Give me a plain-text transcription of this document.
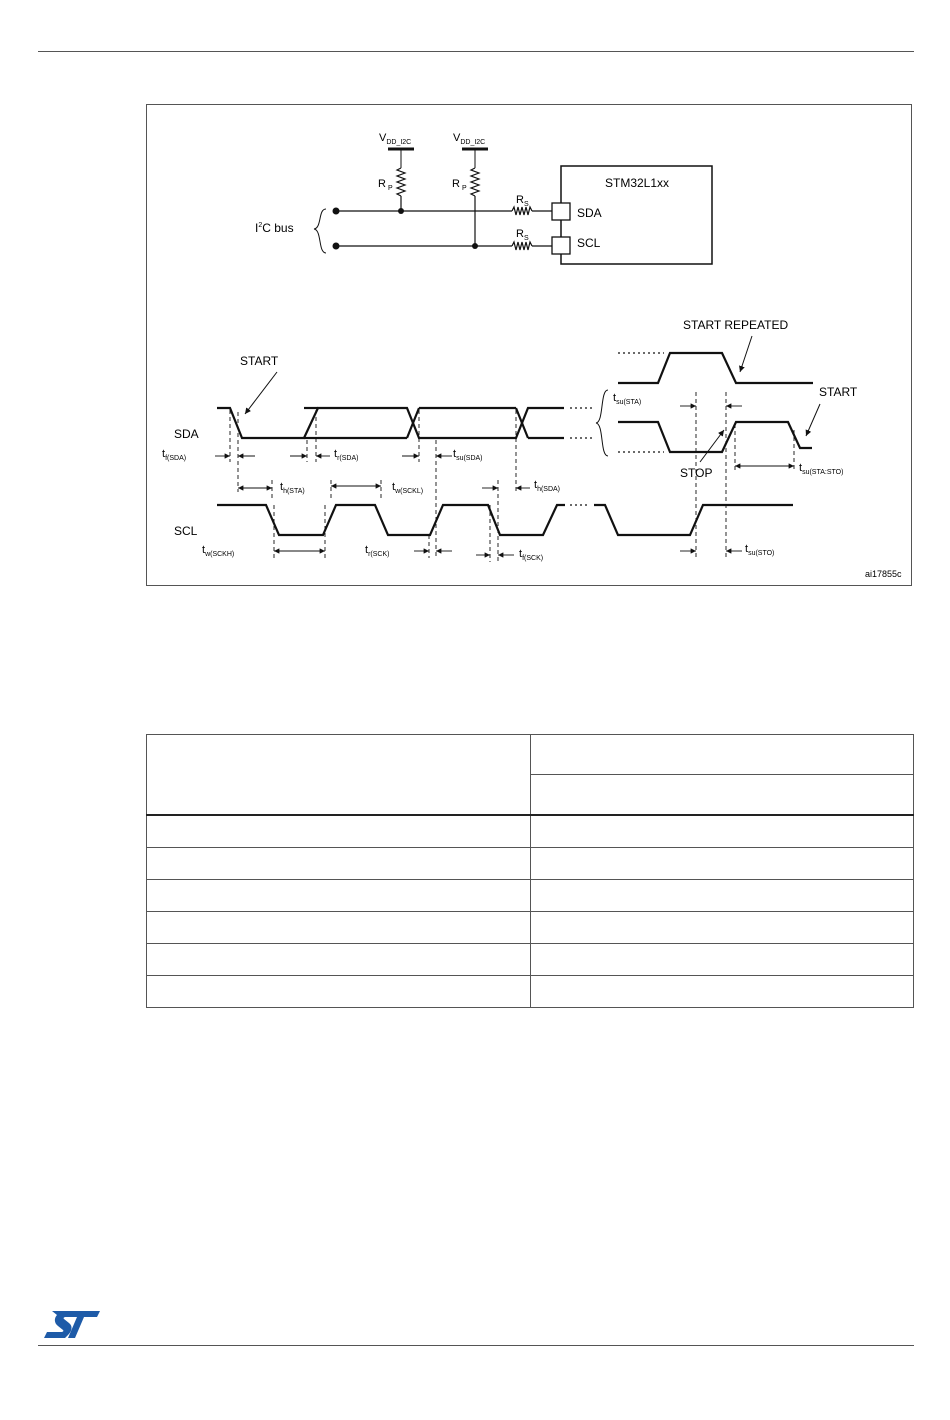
$V_{DD\_I2C}$	$V_{DD\_I2C}$
R $_P$	R $_P$
$R_S$
$R_S$
$I^2C$ bus
STM32L1xx
SDA
SCL
SDA
SCL
START
START REPEATED
START
STOP
$t_{f(SDA)}$	$t_{r(SDA)}$	$t_{su(SDA)}$
$t_{h(STA)}$	$t_{w(SCKL)}$
$t_{h(SDA)}$
$t_{su(STA)}$
$t_{su(STA:STO)}$
$t_{w(SCKH)}$	$t_{r(SCK)}$	$t_{f(SCK)}$
$t_{su(STO)}$
ai17855c
